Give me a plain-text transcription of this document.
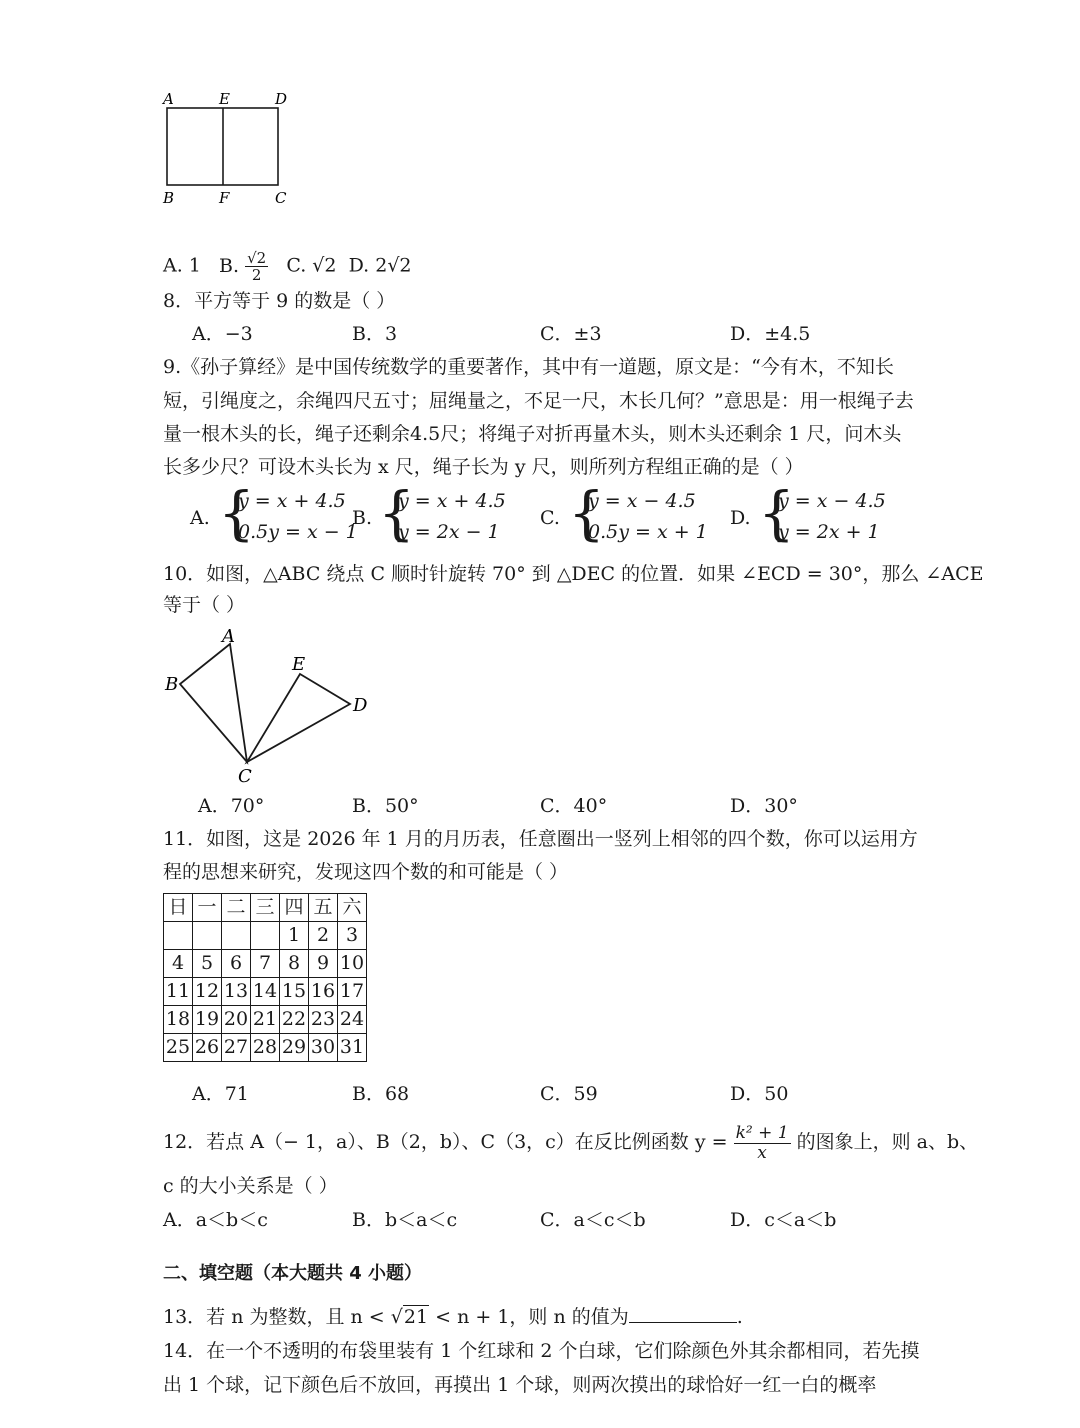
A	E	D
B	F	C
A. 1 B. $\frac{√2}{2} C$. √2 D. 2√2
8．平方等于 9 的数是（ ）
A．−3	B．3	C．±3	D．±4.5
9.《孙子算经》是中国传统数学的重要著作，其中有一道题，原文是：“今有木，不知长
短，引绳度之，余绳四尺五寸；屈绳量之，不足一尺，木长几何？”意思是：用一根绳子去
量一根木头的长，绳子还剩余4.5尺；将绳子对折再量木头，则木头还剩余 1 尺，问木头
长多少尺？可设木头长为 x 尺，绳子长为 y 尺，则所列方程组正确的是（ ）
A. {
y = x + 4.5
0.5y = x − 1
B. {
y = x + 4.5
y = 2x − 1
C. {
y = x − 4.5
0.5y = x + 1
D. {
y = x − 4.5
y = 2x + 1
10．如图，△ABC 绕点 C 顺时针旋转 70° 到 △DEC 的位置．如果 ∠ECD = 30°，那么 ∠ACE
等于（ ）
A
B
C
D
E
A．70°	B．50°	C．40°	D．30°
11．如图，这是 2026 年 1 月的月历表，任意圈出一竖列上相邻的四个数，你可以运用方
程的思想来研究，发现这四个数的和可能是（ ）
日	一	二	三	四	五	六
				1	2	3
4	5	6	7	8	9	10
11	12	13	14	15	16	17
18	19	20	21	22	23	24
25	26	27	28	29	30	31
A．71	B．68	C．59	D．50
12．若点 A（− 1，a）、B（2，b）、C（3，c）在反比例函数 $y = \frac{\text{k² + 1}}{x}$ 的图象上，则 a、b、
c 的大小关系是（ ）
A．a＜b＜c	B．b＜a＜c	C．a＜c＜b	D．c＜a＜b
二、填空题（本大题共 4 小题）
13．若 n 为整数，且 n < √21 < n + 1，则 n 的值为	.
14．在一个不透明的布袋里装有 1 个红球和 2 个白球，它们除颜色外其余都相同，若先摸
出 1 个球，记下颜色后不放回，再摸出 1 个球，则两次摸出的球恰好一红一白的概率
